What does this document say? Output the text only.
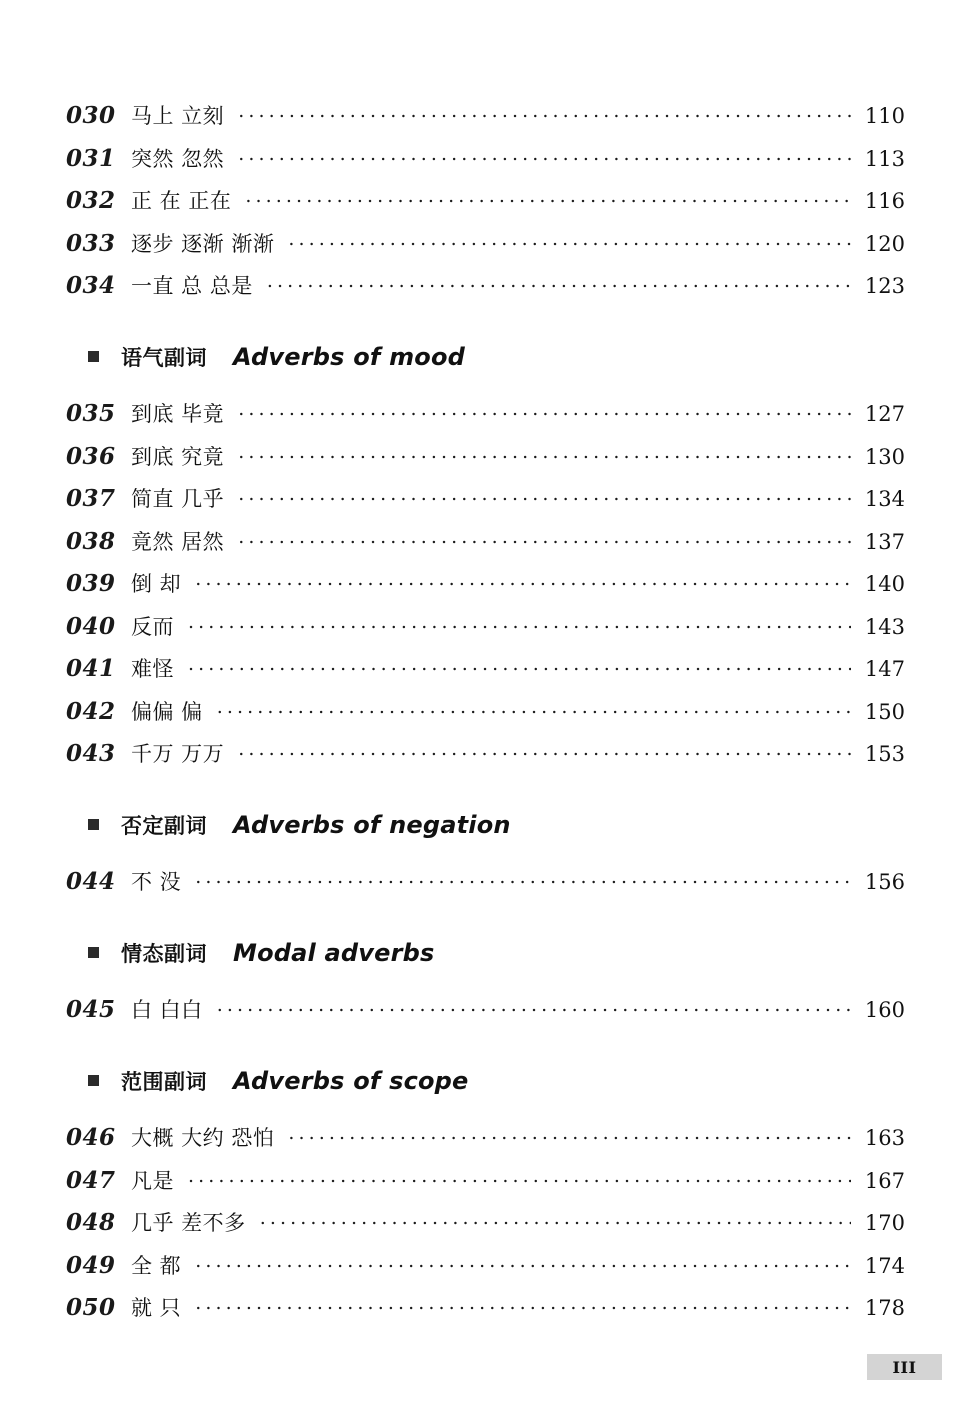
030 马上 立刻 .....	110
031 突然 忽然 .....	113
032 正 在 正在 .....	116
033 逐步 逐渐 渐渐 .....	120
034 一直 总 总是 .....	123
语气副词 Adverbs of mood
035 到底 毕竟 .....	127
036 到底 究竟 .....	130
037 简直 几乎 .....	134
038 竟然 居然 .....	137
039 倒 却 .....	140
040 反而 .....	143
041 难怪 .....	147
042 偏偏 偏 .....	150
043 千万 万万 .....	153
否定副词 Adverbs of negation
044 不 没 .....	156
情态副词 Modal adverbs
045 白 白白 .....	160
范围副词 Adverbs of scope
046 大概 大约 恐怕 .....	163
047 凡是 .....	167
048 几乎 差不多 .....	170
049 全 都 .....	174
050 就 只 .....	178
III
